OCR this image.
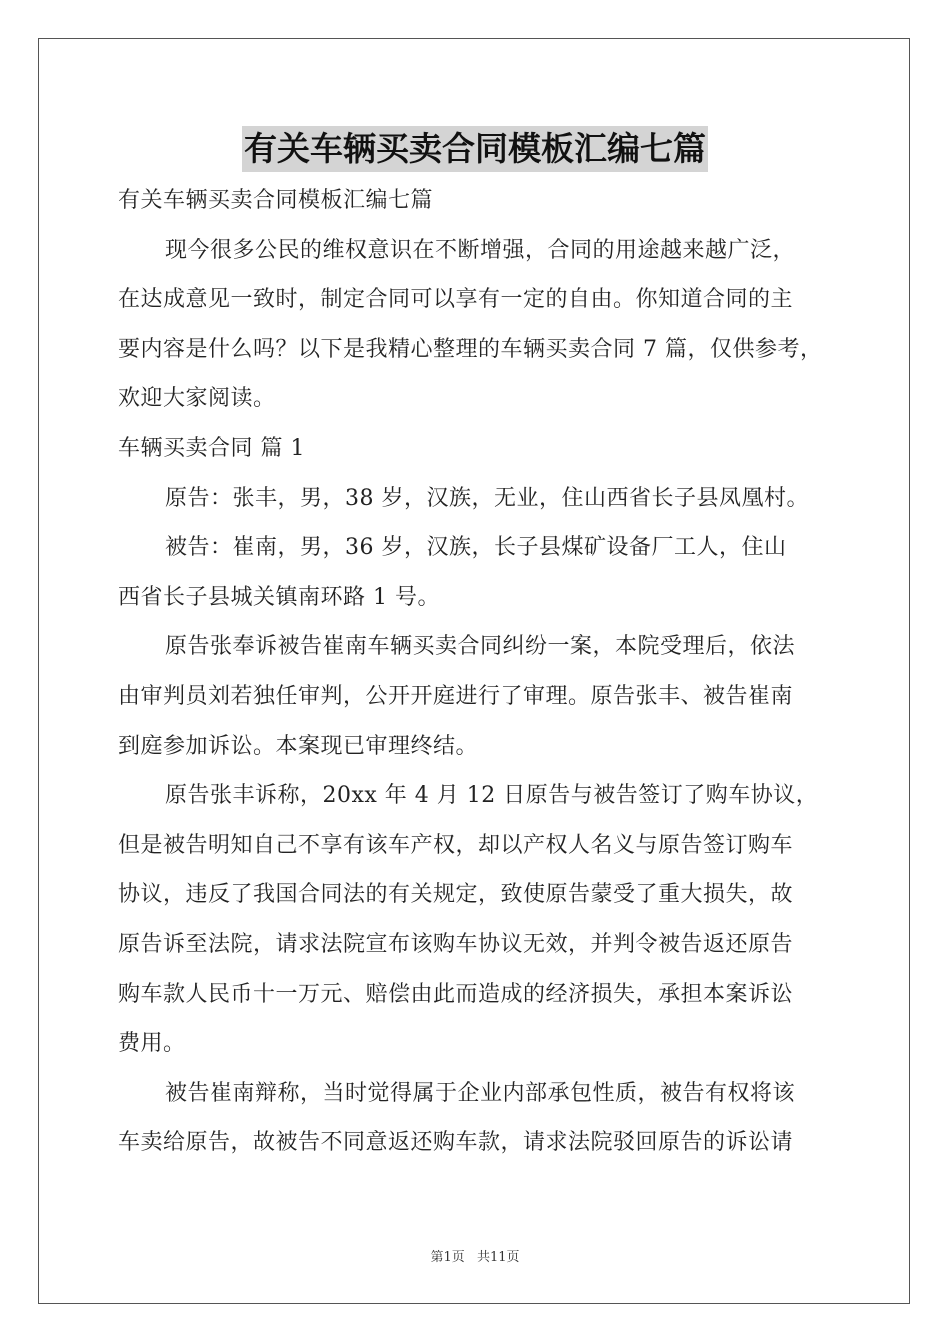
有关车辆买卖合同模板汇编七篇
有关车辆买卖合同模板汇编七篇
现今很多公民的维权意识在不断增强，合同的用途越来越广泛，
在达成意见一致时，制定合同可以享有一定的自由。你知道合同的主
要内容是什么吗？以下是我精心整理的车辆买卖合同 7 篇，仅供参考，
欢迎大家阅读。
车辆买卖合同 篇 1
原告：张丰，男，38 岁，汉族，无业，住山西省长子县凤凰村。
被告：崔南，男，36 岁，汉族，长子县煤矿设备厂工人，住山
西省长子县城关镇南环路 1 号。
原告张奉诉被告崔南车辆买卖合同纠纷一案，本院受理后，依法
由审判员刘若独任审判，公开开庭进行了审理。原告张丰、被告崔南
到庭参加诉讼。本案现已审理终结。
原告张丰诉称，20xx 年 4 月 12 日原告与被告签订了购车协议，
但是被告明知自己不享有该车产权，却以产权人名义与原告签订购车
协议，违反了我国合同法的有关规定，致使原告蒙受了重大损失，故
原告诉至法院，请求法院宣布该购车协议无效，并判令被告返还原告
购车款人民币十一万元、赔偿由此而造成的经济损失，承担本案诉讼
费用。
被告崔南辩称，当时觉得属于企业内部承包性质，被告有权将该
车卖给原告，故被告不同意返还购车款，请求法院驳回原告的诉讼请
第1页 共11页
